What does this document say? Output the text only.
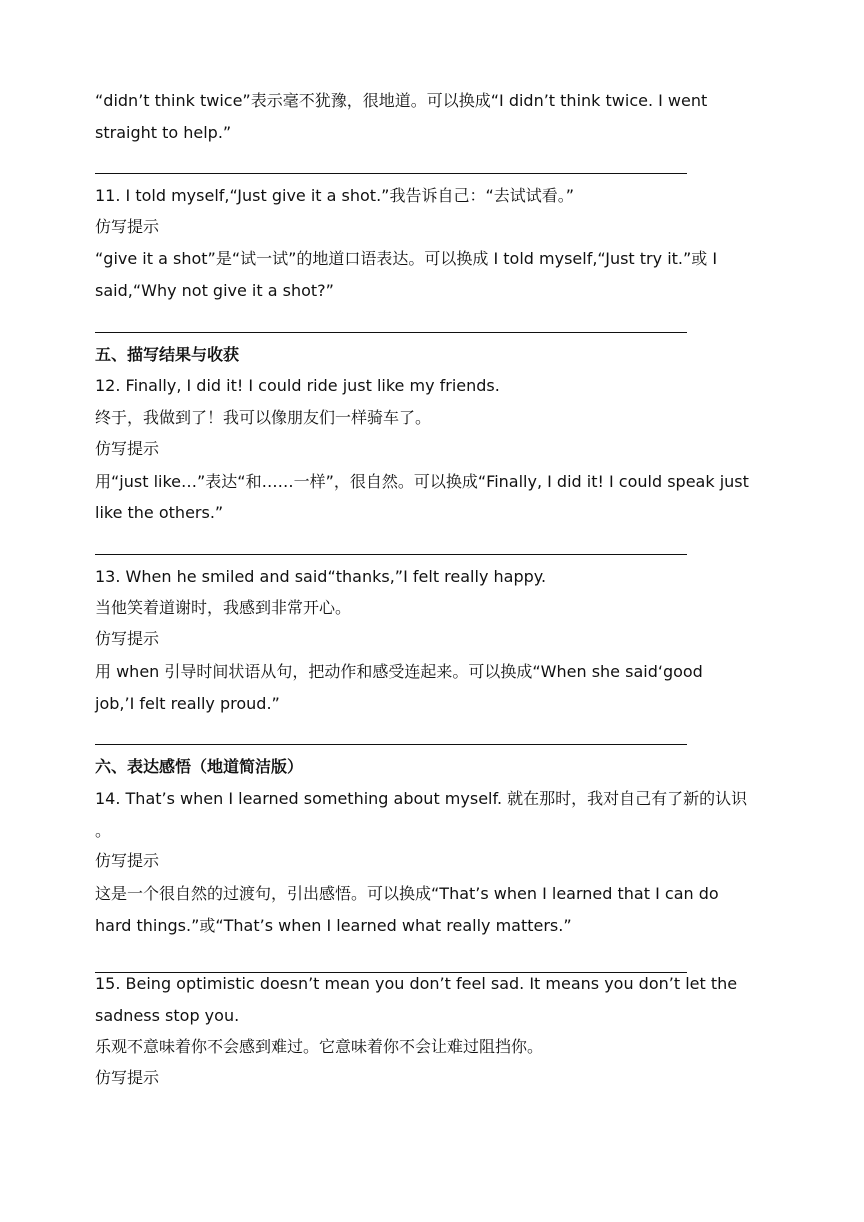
“didn’t think twice”表示毫不犹豫，很地道。可以换成“I didn’t think twice. I went
straight to help.”
11. I told myself,“Just give it a shot.”我告诉自己：“去试试看。”
仿写提示
“give it a shot”是“试一试”的地道口语表达。可以换成 I told myself,“Just try it.”或 I
said,“Why not give it a shot?”
五、描写结果与收获
12. Finally, I did it! I could ride just like my friends.
终于，我做到了！我可以像朋友们一样骑车了。
仿写提示
用“just like…”表达“和……一样”，很自然。可以换成“Finally, I did it! I could speak just
like the others.”
13. When he smiled and said“thanks,”I felt really happy.
当他笑着道谢时，我感到非常开心。
仿写提示
用 when 引导时间状语从句，把动作和感受连起来。可以换成“When she said‘good
job,’I felt really proud.”
六、表达感悟（地道简洁版）
14. That’s when I learned something about myself. 就在那时，我对自己有了新的认识
。
仿写提示
这是一个很自然的过渡句，引出感悟。可以换成“That’s when I learned that I can do
hard things.”或“That’s when I learned what really matters.”
15. Being optimistic doesn’t mean you don’t feel sad. It means you don’t let the
sadness stop you.
乐观不意味着你不会感到难过。它意味着你不会让难过阻挡你。
仿写提示
